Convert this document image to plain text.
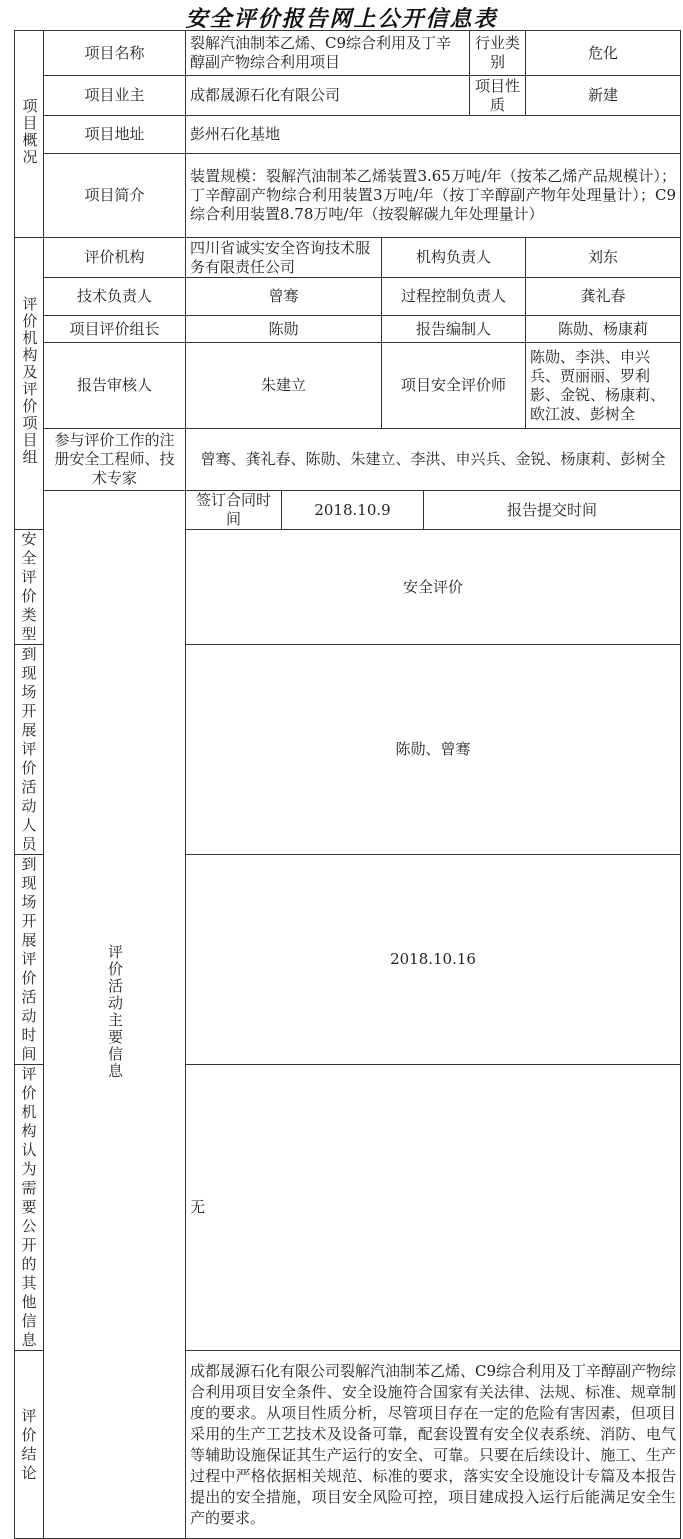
安全评价报告网上公开信息表
项目概况	项目名称	裂解汽油制苯乙烯、C9综合利用及丁辛醇副产物综合利用项目				行业类别	危化	
	项目业主	成都晟源石化有限公司				项目性质	新建	
	项目地址	彭州石化基地						
	项目简介	装置规模：裂解汽油制苯乙烯装置3.65万吨/年（按苯乙烯产品规模计）；丁辛醇副产物综合利用装置3万吨/年（按丁辛醇副产物年处理量计）；C9综合利用装置8.78万吨/年（按裂解碳九年处理量计）						
评价机构及评价项目组	评价机构	四川省诚实安全咨询技术服务有限责任公司		机构负责人			刘东	
	技术负责人	曾骞		过程控制负责人			龚礼春	
	项目评价组长	陈勋		报告编制人			陈勋、杨康莉	
	报告审核人	朱建立		项目安全评价师			陈勋、李洪、申兴兵、贾丽丽、罗利影、金锐、杨康莉、欧江波、彭树全	
	参与评价工作的注册安全工程师、技术专家	曾骞、龚礼春、陈勋、朱建立、李洪、申兴兵、金锐、杨康莉、彭树全						
	评价活动主要信息	签订合同时间	2018.10.9		报告提交时间	
安全评价类型		安全评价						
到现场开展评价活动人员		陈勋、曾骞						
到现场开展评价活动时间		2018.10.16						
评价机构认为需要公开的其他信息		无						
评价结论		成都晟源石化有限公司裂解汽油制苯乙烯、C9综合利用及丁辛醇副产物综合利用项目安全条件、安全设施符合国家有关法律、法规、标准、规章制度的要求。从项目性质分析，尽管项目存在一定的危险有害因素，但项目采用的生产工艺技术及设备可靠，配套设置有安全仪表系统、消防、电气等辅助设施保证其生产运行的安全、可靠。只要在后续设计、施工、生产过程中严格依据相关规范、标准的要求，落实安全设施设计专篇及本报告提出的安全措施，项目安全风险可控，项目建成投入运行后能满足安全生产的要求。						
